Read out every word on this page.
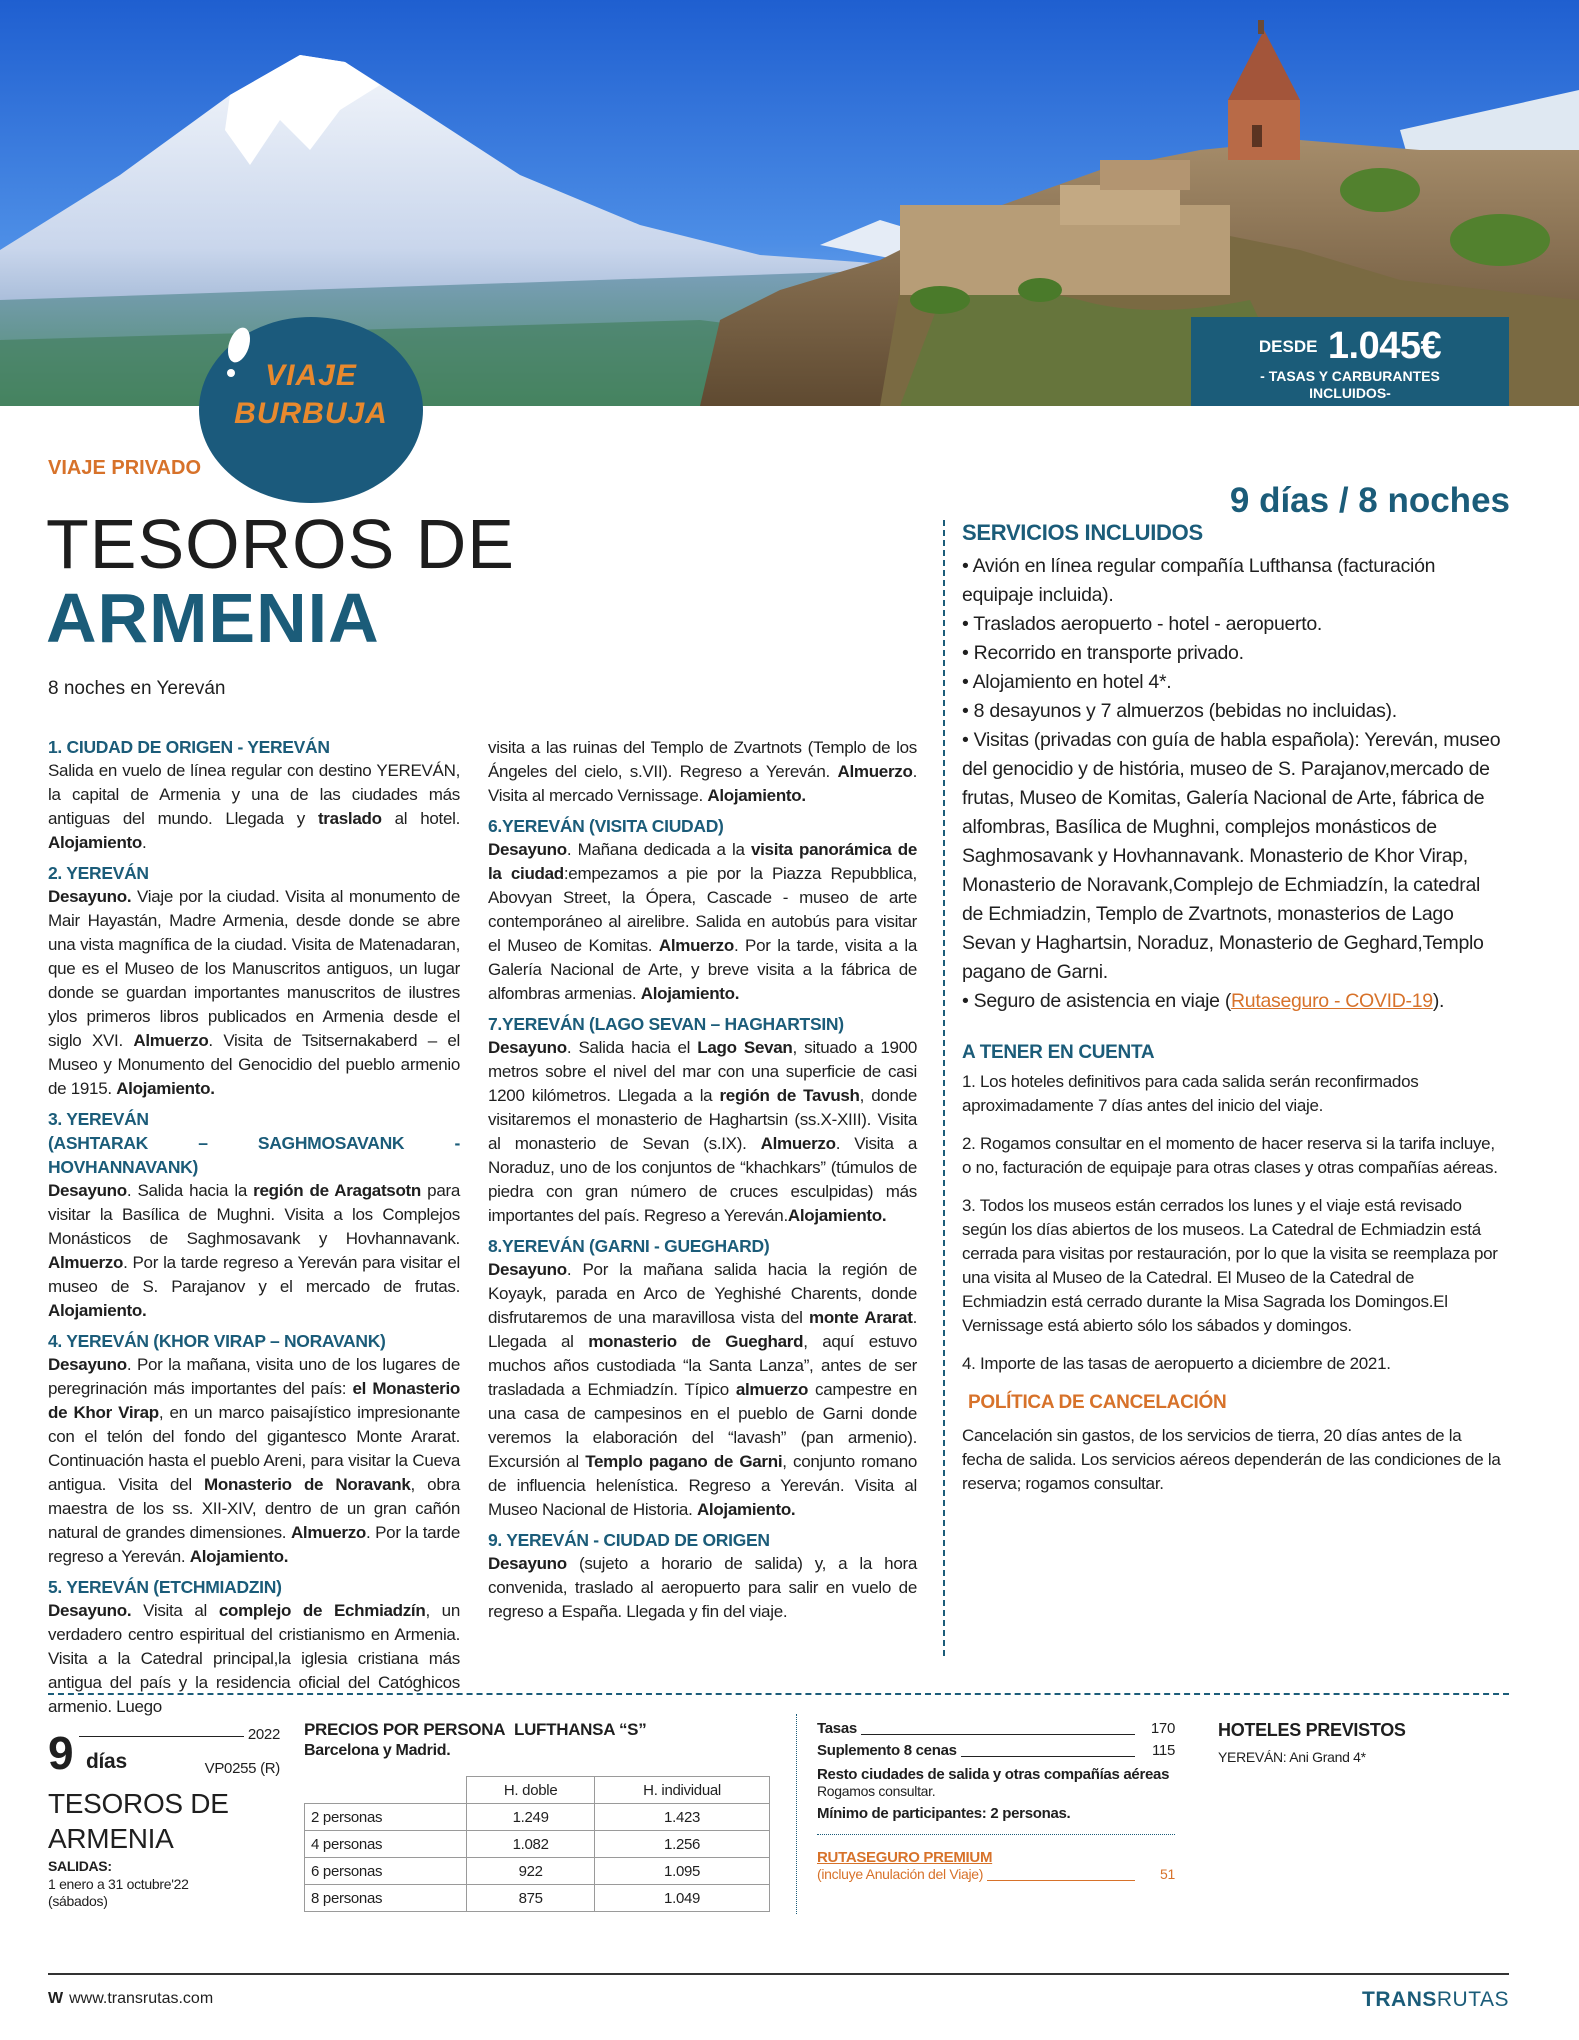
DESDE 1.045€
- TASAS Y CARBURANTES INCLUIDOS-
VIAJE
BURBUJA
VIAJE PRIVADO
TESOROS DE
ARMENIA
8 noches en Yereván
9 días / 8 noches
1. CIUDAD DE ORIGEN - YEREVÁN

Salida en vuelo de línea regular con destino YEREVÁN, la capital de Armenia y una de las ciudades más antiguas del mundo. Llegada y traslado al hotel. Alojamiento.

2. YEREVÁN

Desayuno. Viaje por la ciudad. Visita al monumento de Mair Hayastán, Madre Armenia, desde donde se abre una vista magnífica de la ciudad. Visita de Matenadaran, que es el Museo de los Manuscritos antiguos, un lugar donde se guardan importantes manuscritos de ilustres ylos primeros libros publicados en Armenia desde el siglo XVI. Almuerzo. Visita de Tsitsernakaberd – el Museo y Monumento del Genocidio del pueblo armenio de 1915. Alojamiento.

3. YEREVÁN
(ASHTARAK – SAGHMOSAVANK - HOVHANNAVANK)

Desayuno. Salida hacia la región de Aragatsotn para visitar la Basílica de Mughni. Visita a los Complejos Monásticos de Saghmosavank y Hovhannavank. Almuerzo. Por la tarde regreso a Yereván para visitar el museo de S. Parajanov y el mercado de frutas. Alojamiento.

4. YEREVÁN (KHOR VIRAP – NORAVANK)

Desayuno. Por la mañana, visita uno de los lugares de peregrinación más importantes del país: el Monasterio de Khor Virap, en un marco paisajístico impresionante con el telón del fondo del gigantesco Monte Ararat. Continuación hasta el pueblo Areni, para visitar la Cueva antigua. Visita del Monasterio de Noravank, obra maestra de los ss. XII-XIV, dentro de un gran cañón natural de grandes dimensiones. Almuerzo. Por la tarde regreso a Yereván. Alojamiento.

5. YEREVÁN (ETCHMIADZIN)

Desayuno. Visita al complejo de Echmiadzín, un verdadero centro espiritual del cristianismo en Armenia. Visita a la Catedral principal,la iglesia cristiana más antigua del país y la residencia oficial del Catóghicos armenio. Luego

visita a las ruinas del Templo de Zvartnots (Templo de los Ángeles del cielo, s.VII). Regreso a Yereván. Almuerzo. Visita al mercado Vernissage. Alojamiento.

6.YEREVÁN (VISITA CIUDAD)

Desayuno. Mañana dedicada a la visita panorámica de la ciudad:empezamos a pie por la Piazza Repubblica, Abovyan Street, la Ópera, Cascade - museo de arte contemporáneo al airelibre. Salida en autobús para visitar el Museo de Komitas. Almuerzo. Por la tarde, visita a la Galería Nacional de Arte, y breve visita a la fábrica de alfombras armenias. Alojamiento.

7.YEREVÁN (LAGO SEVAN – HAGHARTSIN)

Desayuno. Salida hacia el Lago Sevan, situado a 1900 metros sobre el nivel del mar con una superficie de casi 1200 kilómetros. Llegada a la región de Tavush, donde visitaremos el monasterio de Haghartsin (ss.X-XIII). Visita al monasterio de Sevan (s.IX). Almuerzo. Visita a Noraduz, uno de los conjuntos de “khachkars” (túmulos de piedra con gran número de cruces esculpidas) más importantes del país. Regreso a Yereván.Alojamiento.

8.YEREVÁN (GARNI - GUEGHARD)

Desayuno. Por la mañana salida hacia la región de Koyayk, parada en Arco de Yeghishé Charents, donde disfrutaremos de una maravillosa vista del monte Ararat. Llegada al monasterio de Gueghard, aquí estuvo muchos años custodiada “la Santa Lanza”, antes de ser trasladada a Echmiadzín. Típico almuerzo campestre en una casa de campesinos en el pueblo de Garni donde veremos la elaboración del “lavash” (pan armenio). Excursión al Templo pagano de Garni, conjunto romano de influencia helenística. Regreso a Yereván. Visita al Museo Nacional de Historia. Alojamiento.

9. YEREVÁN - CIUDAD DE ORIGEN

Desayuno (sujeto a horario de salida) y, a la hora convenida, traslado al aeropuerto para salir en vuelo de regreso a España. Llegada y fin del viaje.

SERVICIOS INCLUIDOS
• Avión en línea regular compañía Lufthansa (facturación equipaje incluida).
• Traslados aeropuerto - hotel - aeropuerto.
• Recorrido en transporte privado.
• Alojamiento en hotel 4*.
• 8 desayunos y 7 almuerzos (bebidas no incluidas).
• Visitas (privadas con guía de habla española): Yereván, museo del genocidio y de história, museo de S. Parajanov,mercado de frutas, Museo de Komitas, Galería Nacional de Arte, fábrica de alfombras, Basílica de Mughni, complejos monásticos de Saghmosavank y Hovhannavank. Monasterio de Khor Virap, Monasterio de Noravank,Complejo de Echmiadzín, la catedral de Echmiadzin, Templo de Zvartnots, monasterios de Lago Sevan y Haghartsin, Noraduz, Monasterio de Geghard,Templo pagano de Garni.
• Seguro de asistencia en viaje (Rutaseguro - COVID-19).
A TENER EN CUENTA
1. Los hoteles definitivos para cada salida serán reconfirmados aproximadamente 7 días antes del inicio del viaje.
2. Rogamos consultar en el momento de hacer reserva si la tarifa incluye, o no, facturación de equipaje para otras clases y otras compañías aéreas.
3. Todos los museos están cerrados los lunes y el viaje está revisado según los días abiertos de los museos. La Catedral de Echmiadzin está cerrada para visitas por restauración, por lo que la visita se reemplaza por una visita al Museo de la Catedral. El Museo de la Catedral de Echmiadzin está cerrado durante la Misa Sagrada los Domingos.El Vernissage está abierto sólo los sábados y domingos.
4. Importe de las tasas de aeropuerto a diciembre de 2021.
POLÍTICA DE CANCELACIÓN
Cancelación sin gastos, de los servicios de tierra, 20 días antes de la fecha de salida. Los servicios aéreos dependerán de las condiciones de la reserva; rogamos consultar.
2022
9 días	VP0255 (R)
TESOROS DE
ARMENIA
SALIDAS:
1 enero a 31 octubre'22
(sábados)
PRECIOS POR PERSONA LUFTHANSA “S”
Barcelona y Madrid.
	H. doble	H. individual
2 personas	1.249	1.423
4 personas	1.082	1.256
6 personas	922	1.095
8 personas	875	1.049
Tasas	170
Suplemento 8 cenas	115
Resto ciudades de salida y otras compañías aéreas
Rogamos consultar.
Mínimo de participantes: 2 personas.
RUTASEGURO PREMIUM
(incluye Anulación del Viaje)	51
HOTELES PREVISTOS
YEREVÁN: Ani Grand 4*
W www.transrutas.com	TRANSRUTAS
